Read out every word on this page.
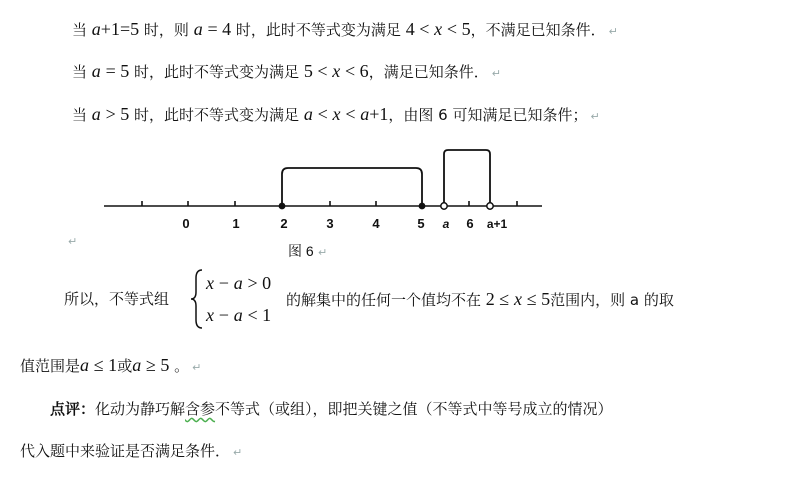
当 a+1=5 时，则 a = 4 时，此时不等式变为满足 4 < x < 5，不满足已知条件． ↵
当 a = 5 时，此时不等式变为满足 5 < x < 6，满足已知条件． ↵
当 a > 5 时，此时不等式变为满足 a < x < a+1，由图 6 可知满足已知条件； ↵
0	1	2	3	4	5 a 6 a+1
↵
图 6 ↵
所以，不等式组
x − a > 0
x − a < 1
的解集中的任何一个值均不在 2 ≤ x ≤ 5范围内，则 a 的取
值范围是a ≤ 1或a ≥ 5 。 ↵
点评：化动为静巧解含参不等式（或组），即把关键之值（不等式中等号成立的情况）
代入题中来验证是否满足条件． ↵
